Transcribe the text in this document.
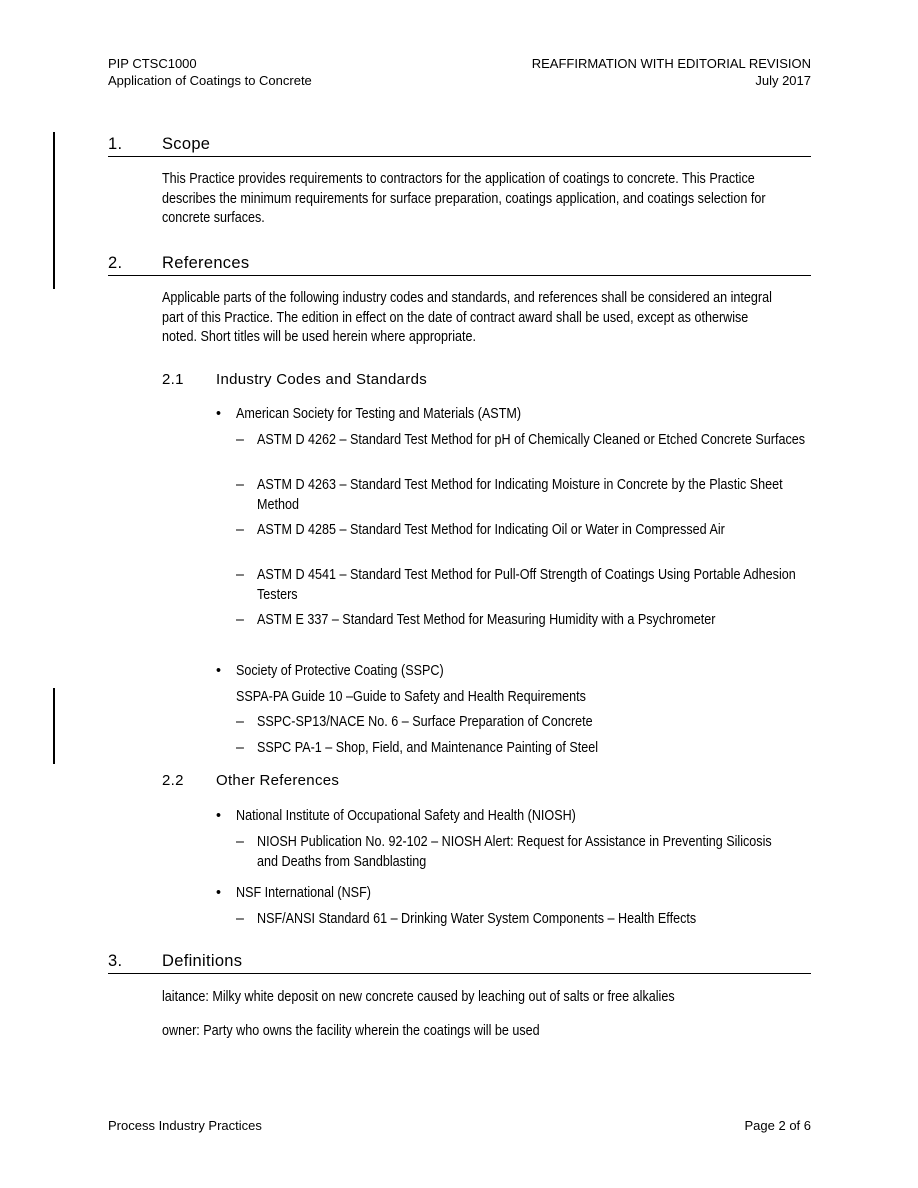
PIP CTSC1000
Application of Coatings to Concrete
REAFFIRMATION WITH EDITORIAL REVISION
July 2017
1. Scope
This Practice provides requirements to contractors for the application of coatings to concrete. This Practice describes the minimum requirements for surface preparation, coatings application, and coatings selection for concrete surfaces.
2. References
Applicable parts of the following industry codes and standards, and references shall be considered an integral part of this Practice. The edition in effect on the date of contract award shall be used, except as otherwise noted. Short titles will be used herein where appropriate.
2.1 Industry Codes and Standards
• American Society for Testing and Materials (ASTM)
– ASTM D 4262 – Standard Test Method for pH of Chemically Cleaned or Etched Concrete Surfaces
– ASTM D 4263 – Standard Test Method for Indicating Moisture in Concrete by the Plastic Sheet Method
– ASTM D 4285 – Standard Test Method for Indicating Oil or Water in Compressed Air
– ASTM D 4541 – Standard Test Method for Pull-Off Strength of Coatings Using Portable Adhesion Testers
– ASTM E 337 – Standard Test Method for Measuring Humidity with a Psychrometer
• Society of Protective Coating (SSPC)
SSPA-PA Guide 10 –Guide to Safety and Health Requirements
– SSPC-SP13/NACE No. 6 – Surface Preparation of Concrete
– SSPC PA-1 – Shop, Field, and Maintenance Painting of Steel
2.2 Other References
• National Institute of Occupational Safety and Health (NIOSH)
– NIOSH Publication No. 92-102 – NIOSH Alert: Request for Assistance in Preventing Silicosis and Deaths from Sandblasting
• NSF International (NSF)
– NSF/ANSI Standard 61 – Drinking Water System Components – Health Effects
3. Definitions
laitance: Milky white deposit on new concrete caused by leaching out of salts or free alkalies
owner: Party who owns the facility wherein the coatings will be used
Process Industry Practices	Page 2 of 6
